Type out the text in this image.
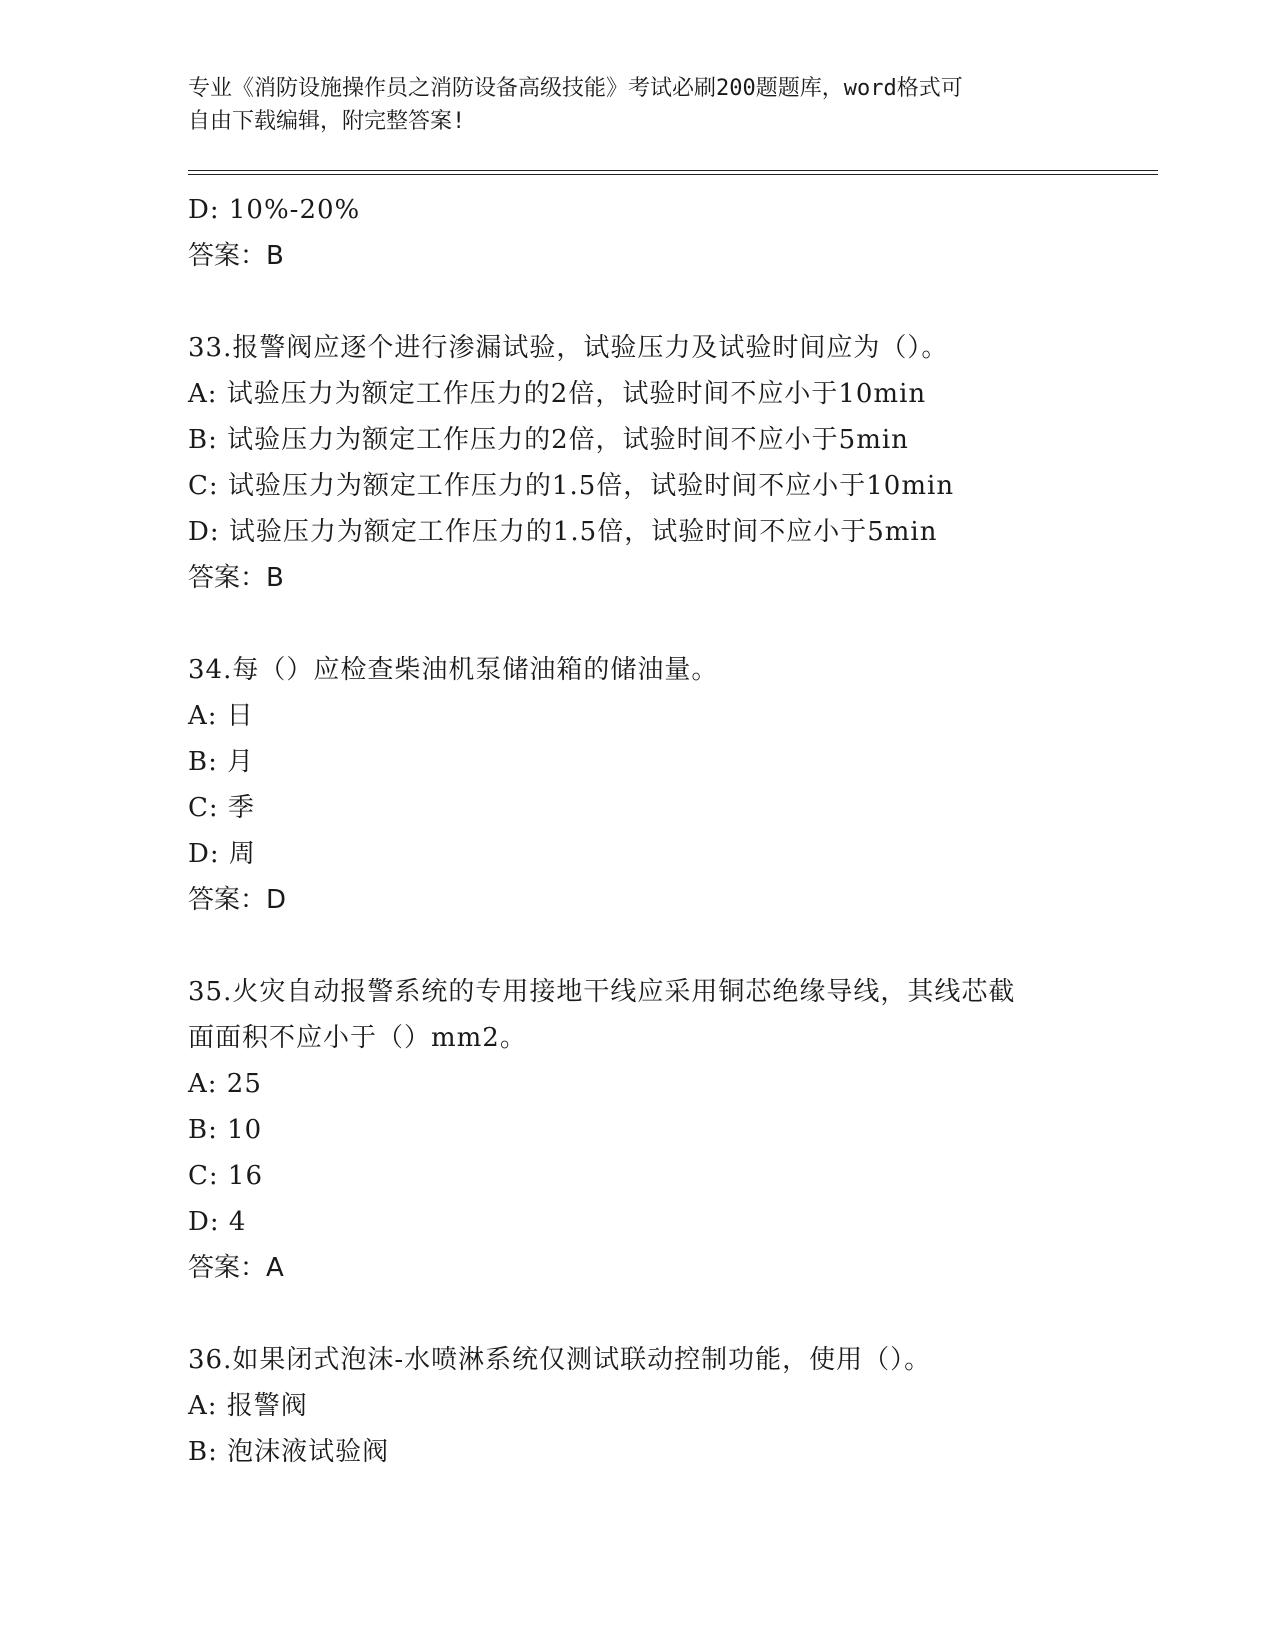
专业《消防设施操作员之消防设备高级技能》考试必刷200题题库，word格式可
自由下载编辑，附完整答案!
D: 10%-20%
答案：B
33.报警阀应逐个进行渗漏试验，试验压力及试验时间应为（）。
A: 试验压力为额定工作压力的2倍，试验时间不应小于10min
B: 试验压力为额定工作压力的2倍，试验时间不应小于5min
C: 试验压力为额定工作压力的1.5倍，试验时间不应小于10min
D: 试验压力为额定工作压力的1.5倍，试验时间不应小于5min
答案：B
34.每（）应检查柴油机泵储油箱的储油量。
A: 日
B: 月
C: 季
D: 周
答案：D
35.火灾自动报警系统的专用接地干线应采用铜芯绝缘导线，其线芯截
面面积不应小于（）mm2。
A: 25
B: 10
C: 16
D: 4
答案：A
36.如果闭式泡沫-水喷淋系统仅测试联动控制功能，使用（）。
A: 报警阀
B: 泡沫液试验阀
